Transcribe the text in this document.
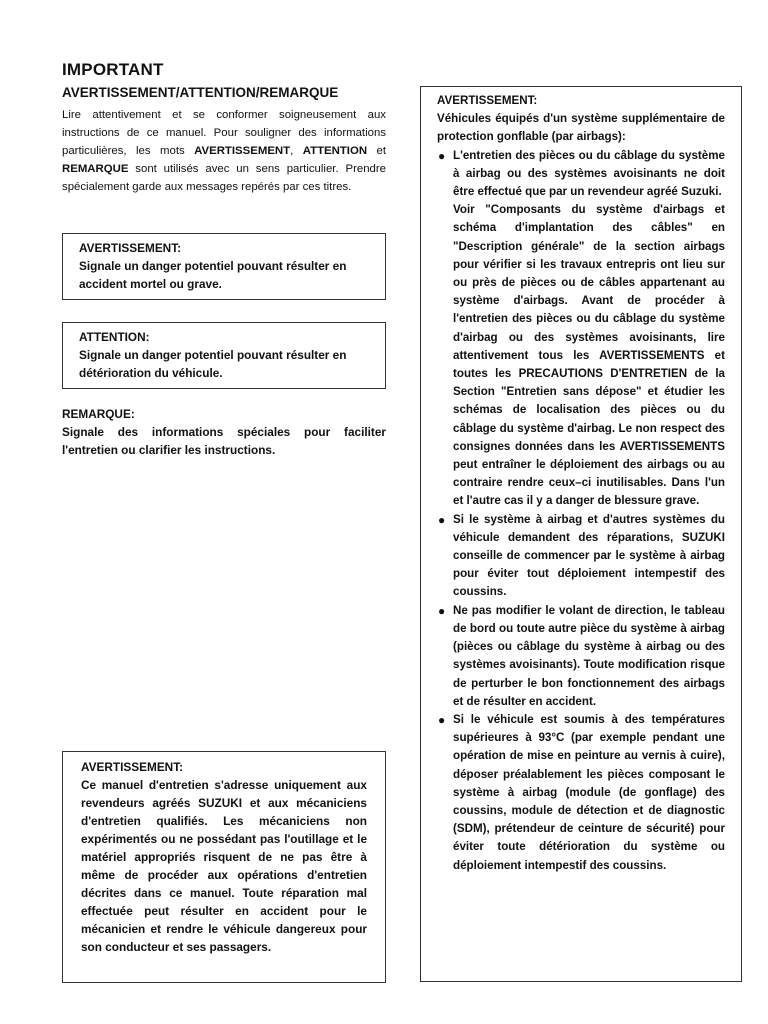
IMPORTANT
AVERTISSEMENT/ATTENTION/REMARQUE
Lire attentivement et se conformer soigneusement aux instructions de ce manuel. Pour souligner des informations particulières, les mots AVERTISSEMENT, ATTENTION et REMARQUE sont utilisés avec un sens particulier. Prendre spécialement garde aux messages repérés par ces titres.
AVERTISSEMENT:
Signale un danger potentiel pouvant résulter en accident mortel ou grave.
ATTENTION:
Signale un danger potentiel pouvant résulter en détérioration du véhicule.
REMARQUE:
Signale des informations spéciales pour faciliter l'entretien ou clarifier les instructions.
AVERTISSEMENT:
Ce manuel d'entretien s'adresse uniquement aux revendeurs agréés SUZUKI et aux mécaniciens d'entretien qualifiés. Les mécaniciens non expérimentés ou ne possédant pas l'outillage et le matériel appropriés risquent de ne pas être à même de procéder aux opérations d'entretien décrites dans ce manuel. Toute réparation mal effectuée peut résulter en accident pour le mécanicien et rendre le véhicule dangereux pour son conducteur et ses passagers.
AVERTISSEMENT:
Véhicules équipés d'un système supplémentaire de protection gonflable (par airbags):
● L'entretien des pièces ou du câblage du système à airbag ou des systèmes avoisinants ne doit être effectué que par un revendeur agréé Suzuki.
Voir "Composants du système d'airbags et schéma d'implantation des câbles" en "Description générale" de la section airbags pour vérifier si les travaux entrepris ont lieu sur ou près de pièces ou de câbles appartenant au système d'airbags. Avant de procéder à l'entretien des pièces ou du câblage du système d'airbag ou des systèmes avoisinants, lire attentivement tous les AVERTISSEMENTS et toutes les PRECAUTIONS D'ENTRETIEN de la Section "Entretien sans dépose" et étudier les schémas de localisation des pièces ou du câblage du système d'airbag. Le non respect des consignes données dans les AVERTISSEMENTS peut entraîner le déploiement des airbags ou au contraire rendre ceux–ci inutilisables. Dans l'un et l'autre cas il y a danger de blessure grave.
● Si le système à airbag et d'autres systèmes du véhicule demandent des réparations, SUZUKI conseille de commencer par le système à airbag pour éviter tout déploiement intempestif des coussins.
● Ne pas modifier le volant de direction, le tableau de bord ou toute autre pièce du système à airbag (pièces ou câblage du système à airbag ou des systèmes avoisinants). Toute modification risque de perturber le bon fonctionnement des airbags et de résulter en accident.
● Si le véhicule est soumis à des températures supérieures à 93°C (par exemple pendant une opération de mise en peinture au vernis à cuire), déposer préalablement les pièces composant le système à airbag (module (de gonflage) des coussins, module de détection et de diagnostic (SDM), prétendeur de ceinture de sécurité) pour éviter toute détérioration du système ou déploiement intempestif des coussins.
